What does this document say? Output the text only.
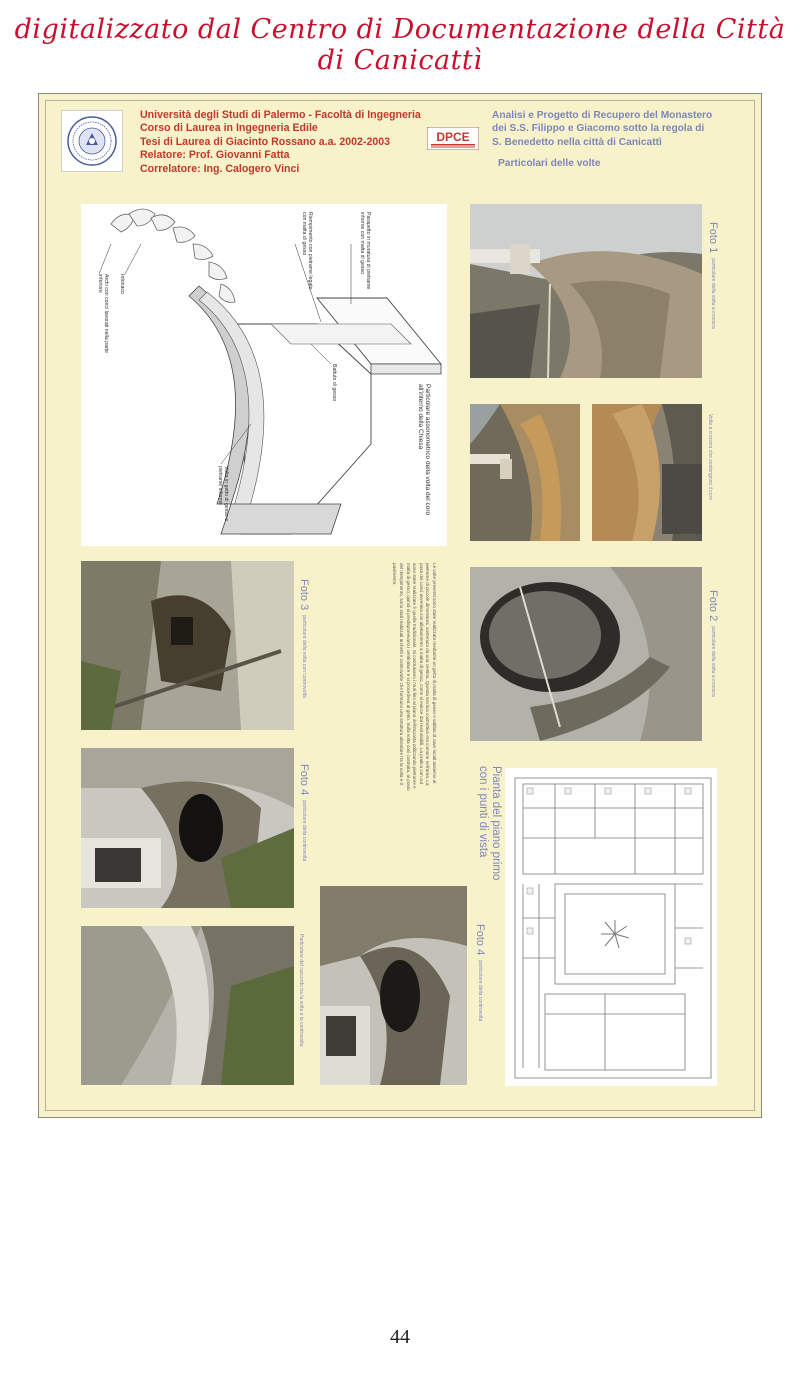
digitalizzato dal Centro di Documentazione della Città di Canicattì
Università degli Studi di Palermo - Facoltà di Ingegneria
Corso di Laurea in Ingegneria Edile
Tesi di Laurea di Giacinto Rossano a.a. 2002-2003
Relatore: Prof. Giovanni Fatta
Correlatore: Ing. Calogero Vinci
DPCE
Analisi e Progetto di Recupero del Monastero
dei S.S. Filippo e Giacomo sotto la regola di
S. Benedetto nella città di Canicattì
Particolari delle volte
Particolare assonometrico della volta del coro all'interno della Chiesa
Parapetto in muratura di pietrame informe con malta di gesso
Riempimento con pietrame legato con malta di gesso
Battuto di gesso
Intonaco
Archi con conci lavorati nella parte inferiore
Volta in getto di gesso e pietrame informe
Foto 1particolare della volta a crociera
Volte a crociera che sostengono il coro
Foto 2particolare della volta a crociera
Foto 3particolare della volta con controvolta	Le volte presenti sono state realizzate mediante un getto di malta di gesso e sabbia di cave locali assieme al pietrame di piccole dimensioni, sostenuto da una centina. Questa tecnica costruttiva era comune nell'area. La posa dei conci avveniva con allettamento a malta di gesso, come si evince dai resti visibili. La pratica con cui sono state realizzate è quella tradizionale. Si costruivano i muri fino al piano dell'imposta utilizzando pietrame e malta di gesso; quindi si predisponevano i centinature e si procedeva al getto. Sulla volta così costruita, al posto del riempimento, sono stati realizzati archetti e controvolte che formano una struttura alveolare tra la volta e il pavimento.
Foto 4particolare della controvolta
Particolare del raccordo tra la volta e la controvolta	Foto 4particolare della controvolta
Pianta del piano primo con i punti di vista
44
